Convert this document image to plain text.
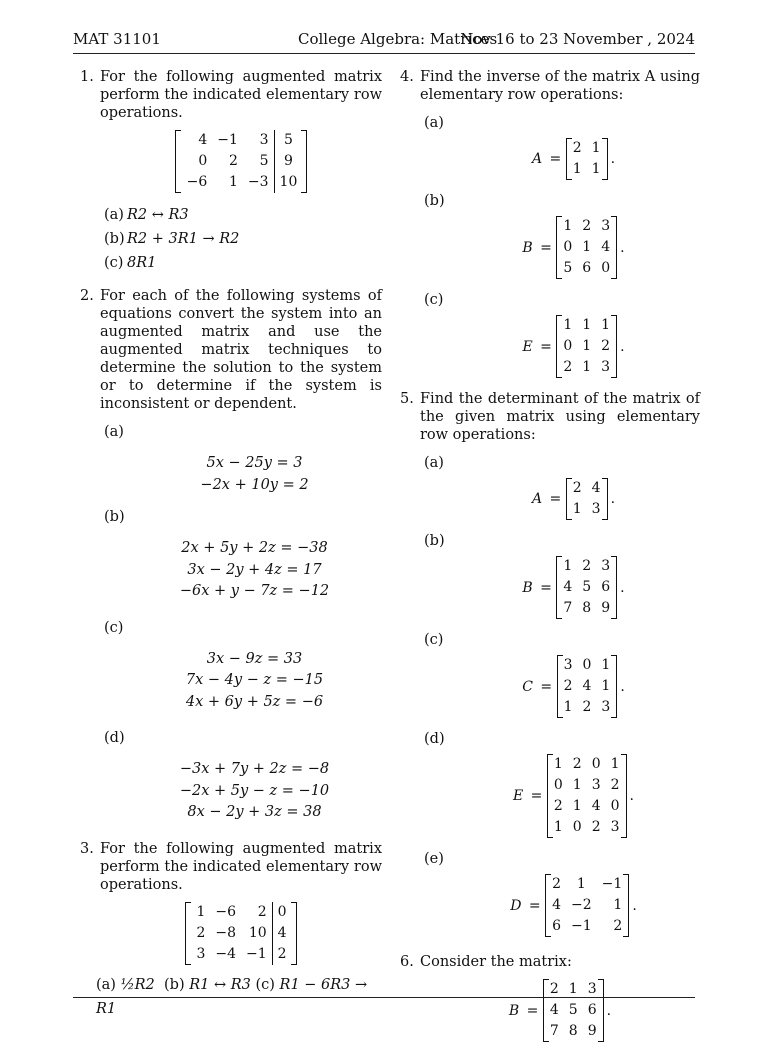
MAT 31101	College Algebra: Matrices
Nov 16 to 23 November , 2024
1. For the following augmented matrix perform the indicated elementary row operations.
4	−1	3	5
0	2	5	9
−6	1	−3	10
(a) R2 ↔ R3
(b) R2 + 3R1 → R2
(c) 8R1
2. For each of the following systems of equations convert the system into an augmented matrix and use the augmented matrix techniques to determine the solution to the system or to determine if the system is inconsistent or dependent.
(a)

5x − 25y = 3
−2x + 10y = 2
(b)

2x + 5y + 2z = −38
3x − 2y + 4z = 17
−6x + y − 7z = −12
(c)

3x − 9z = 33
7x − 4y − z = −15
4x + 6y + 5z = −6
(d)

−3x + 7y + 2z = −8
−2x + 5y − z = −10
8x − 2y + 3z = 38
3. For the following augmented matrix perform the indicated elementary row operations.
1	−6	2	0
2	−8	10	4
3	−4	−1	2
(a) ½R2 (b) R1 ↔ R3 (c) R1 − 6R3 → R1
4. Find the inverse of the matrix A using elementary row operations:
(a)

A =
2	1
1	1
.
(b)

B =
1	2	3
0	1	4
5	6	0
.
(c)

E =
1	1	1
0	1	2
2	1	3
.
5. Find the determinant of the matrix of the given matrix using elementary row operations:
(a)

A =
2	4
1	3
.
(b)

B =
1	2	3
4	5	6
7	8	9
.
(c)

C =
3	0	1
2	4	1
1	2	3
.
(d)

E =
1	2	0	1
0	1	3	2
2	1	4	0
1	0	2	3
.
(e)

D =
2	1	−1
4	−2	1
6	−1	2
.
6. Consider the matrix:
B =
2	1	3
4	5	6
7	8	9
.
